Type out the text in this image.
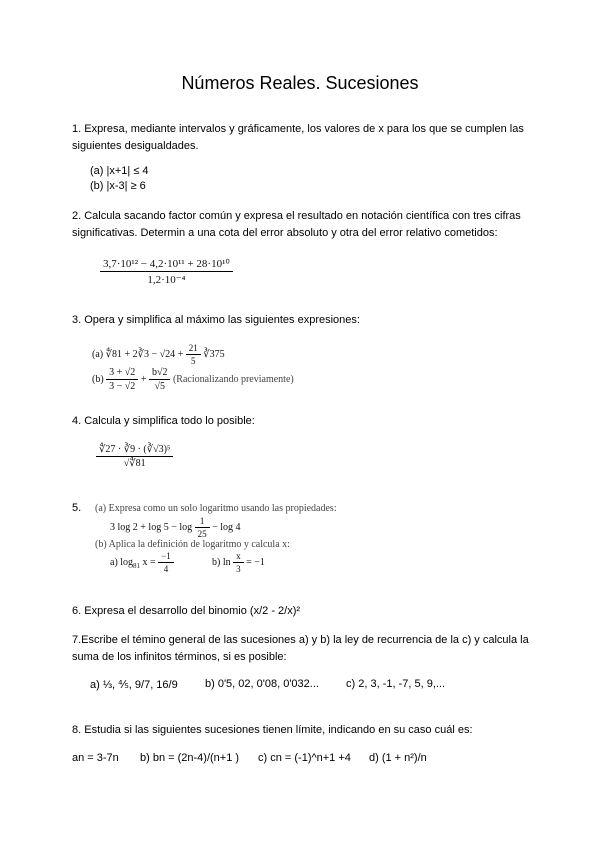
Números Reales. Sucesiones
1. Expresa, mediante intervalos y gráficamente, los valores de x para los que se cumplen las siguientes desigualdades.
(a) |x+1| ≤ 4
(b) |x-3| ≥ 6
2. Calcula sacando factor común y expresa el resultado en notación científica con tres cifras significativas. Determin a una cota del error absoluto y otra del error relativo cometidos:
$\frac{\text{3,7·10¹² − 4,2·10¹¹ + 28·10¹⁰}}{\text{1,2·10⁻⁴}}$
3. Opera y simplifica al máximo las siguientes expresiones:
(a) ∜81 + 2∛3 − $√24 + \frac{21}{5}$ ∛375
$(b) \frac{3 + √2}{3 - √2} + \frac{b√2}{√5}$ (Racionalizando previamente)
4. Calcula y simplifica todo lo posible:
$\frac{\text{∜27 · ∛9 · (∛√3)⁵}}{√∜81}$
5.	(a) Expresa como un solo logaritmo usando las propiedades:
3 $\log 2 + \log 5 - \log \frac{1}{25} - \log 4$
(b) Aplica la definición de logaritmo y calcula x:
a) $\log_{81} x = \frac{-1}{4}$	b) $\ln \frac{x}{3} = -1$
6. Expresa el desarrollo del binomio (x/2 - 2/x)²
7.Escribe el témino general de las sucesiones a) y b) la ley de recurrencia de la c) y calcula la suma de los infinitos términos, si es posible:
a) ⅓, ⅘, 9/7, 16/9 b) 0'5, 02, 0'08, 0'032... c) 2, 3, -1, -7, 5, 9,...
8. Estudia si las siguientes sucesiones tienen límite, indicando en su caso cuál es:
an = 3-7n b) bn = (2n-4)/(n+1 ) c) cn = (-1)^n+1 +4 d) (1 + n²)/n
